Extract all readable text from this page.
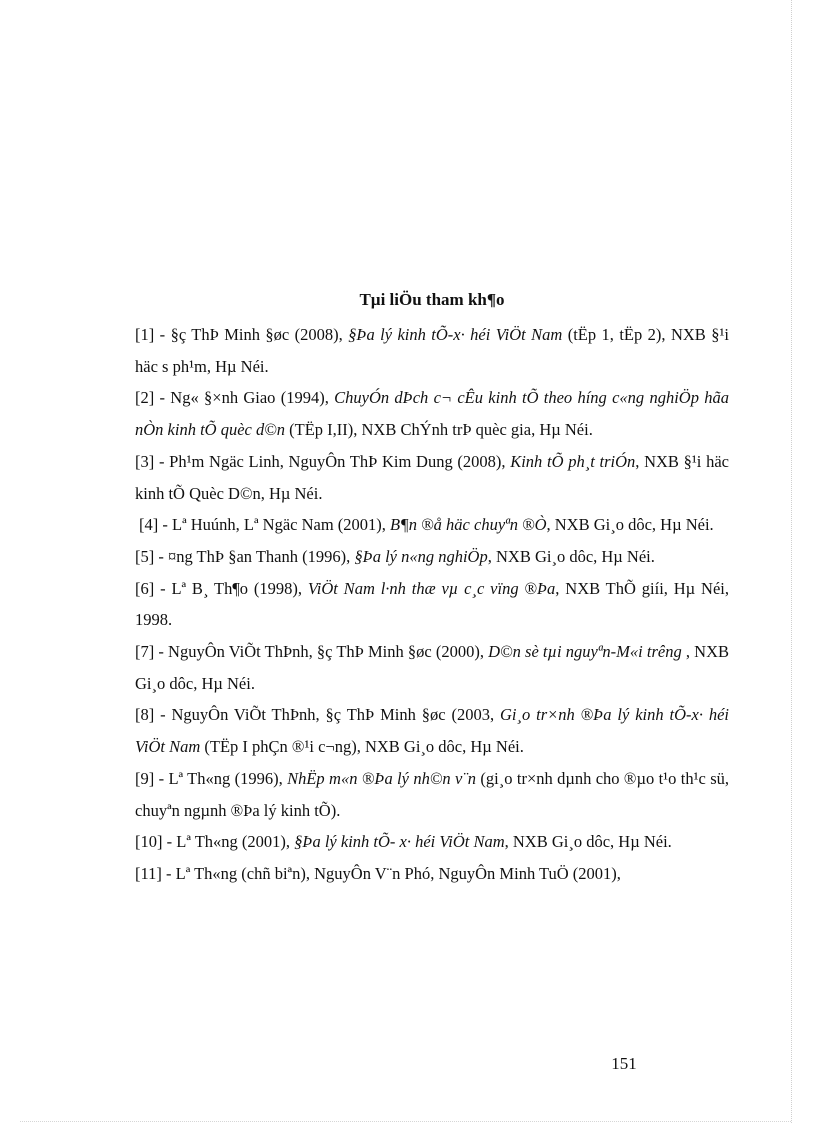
Tµi liÖu tham kh¶o

[1] - §ç ThÞ Minh §øc (2008), §Þa lý kinh tÕ-x· héi ViÖt Nam (tËp 1, tËp 2), NXB §¹i häc s ph¹m, Hµ Néi.

[2] - Ng« §×nh Giao (1994), ChuyÓn dÞch c¬ cÊu kinh tÕ theo híng c«ng nghiÖp hãa nÒn kinh tÕ quèc d©n (TËp I,II), NXB ChÝnh trÞ quèc gia, Hµ Néi.

[3] - Ph¹m Ngäc Linh, NguyÔn ThÞ Kim Dung (2008), Kinh tÕ ph¸t triÓn, NXB §¹i häc kinh tÕ Quèc D©n, Hµ Néi.

[4] - Lª Huúnh, Lª Ngäc Nam (2001), B¶n ®å häc chuyªn ®Ò, NXB Gi¸o dôc, Hµ Néi.

[5] - ¤ng ThÞ §an Thanh (1996), §Þa lý n«ng nghiÖp, NXB Gi¸o dôc, Hµ Néi.

[6] - Lª B¸ Th¶o (1998), ViÖt Nam l·nh thæ vµ c¸c vïng ®Þa, NXB ThÕ giíi, Hµ Néi, 1998.

[7] - NguyÔn ViÕt ThÞnh, §ç ThÞ Minh §øc (2000), D©n sè tµi nguyªn-M«i trêng , NXB Gi¸o dôc, Hµ Néi.

[8] - NguyÔn ViÕt ThÞnh, §ç ThÞ Minh §øc (2003, Gi¸o tr×nh ®Þa lý kinh tÕ-x· héi ViÖt Nam (TËp I phÇn ®¹i c¬ng), NXB Gi¸o dôc, Hµ Néi.

[9] - Lª Th«ng (1996), NhËp m«n ®Þa lý nh©n v¨n (gi¸o tr×nh dµnh cho ®µo t¹o th¹c sü, chuyªn ngµnh ®Þa lý kinh tÕ).

[10] - Lª Th«ng (2001), §Þa lý kinh tÕ- x· héi ViÖt Nam, NXB Gi¸o dôc, Hµ Néi.

[11] - Lª Th«ng (chñ biªn), NguyÔn V¨n Phó, NguyÔn Minh TuÖ (2001),

151
